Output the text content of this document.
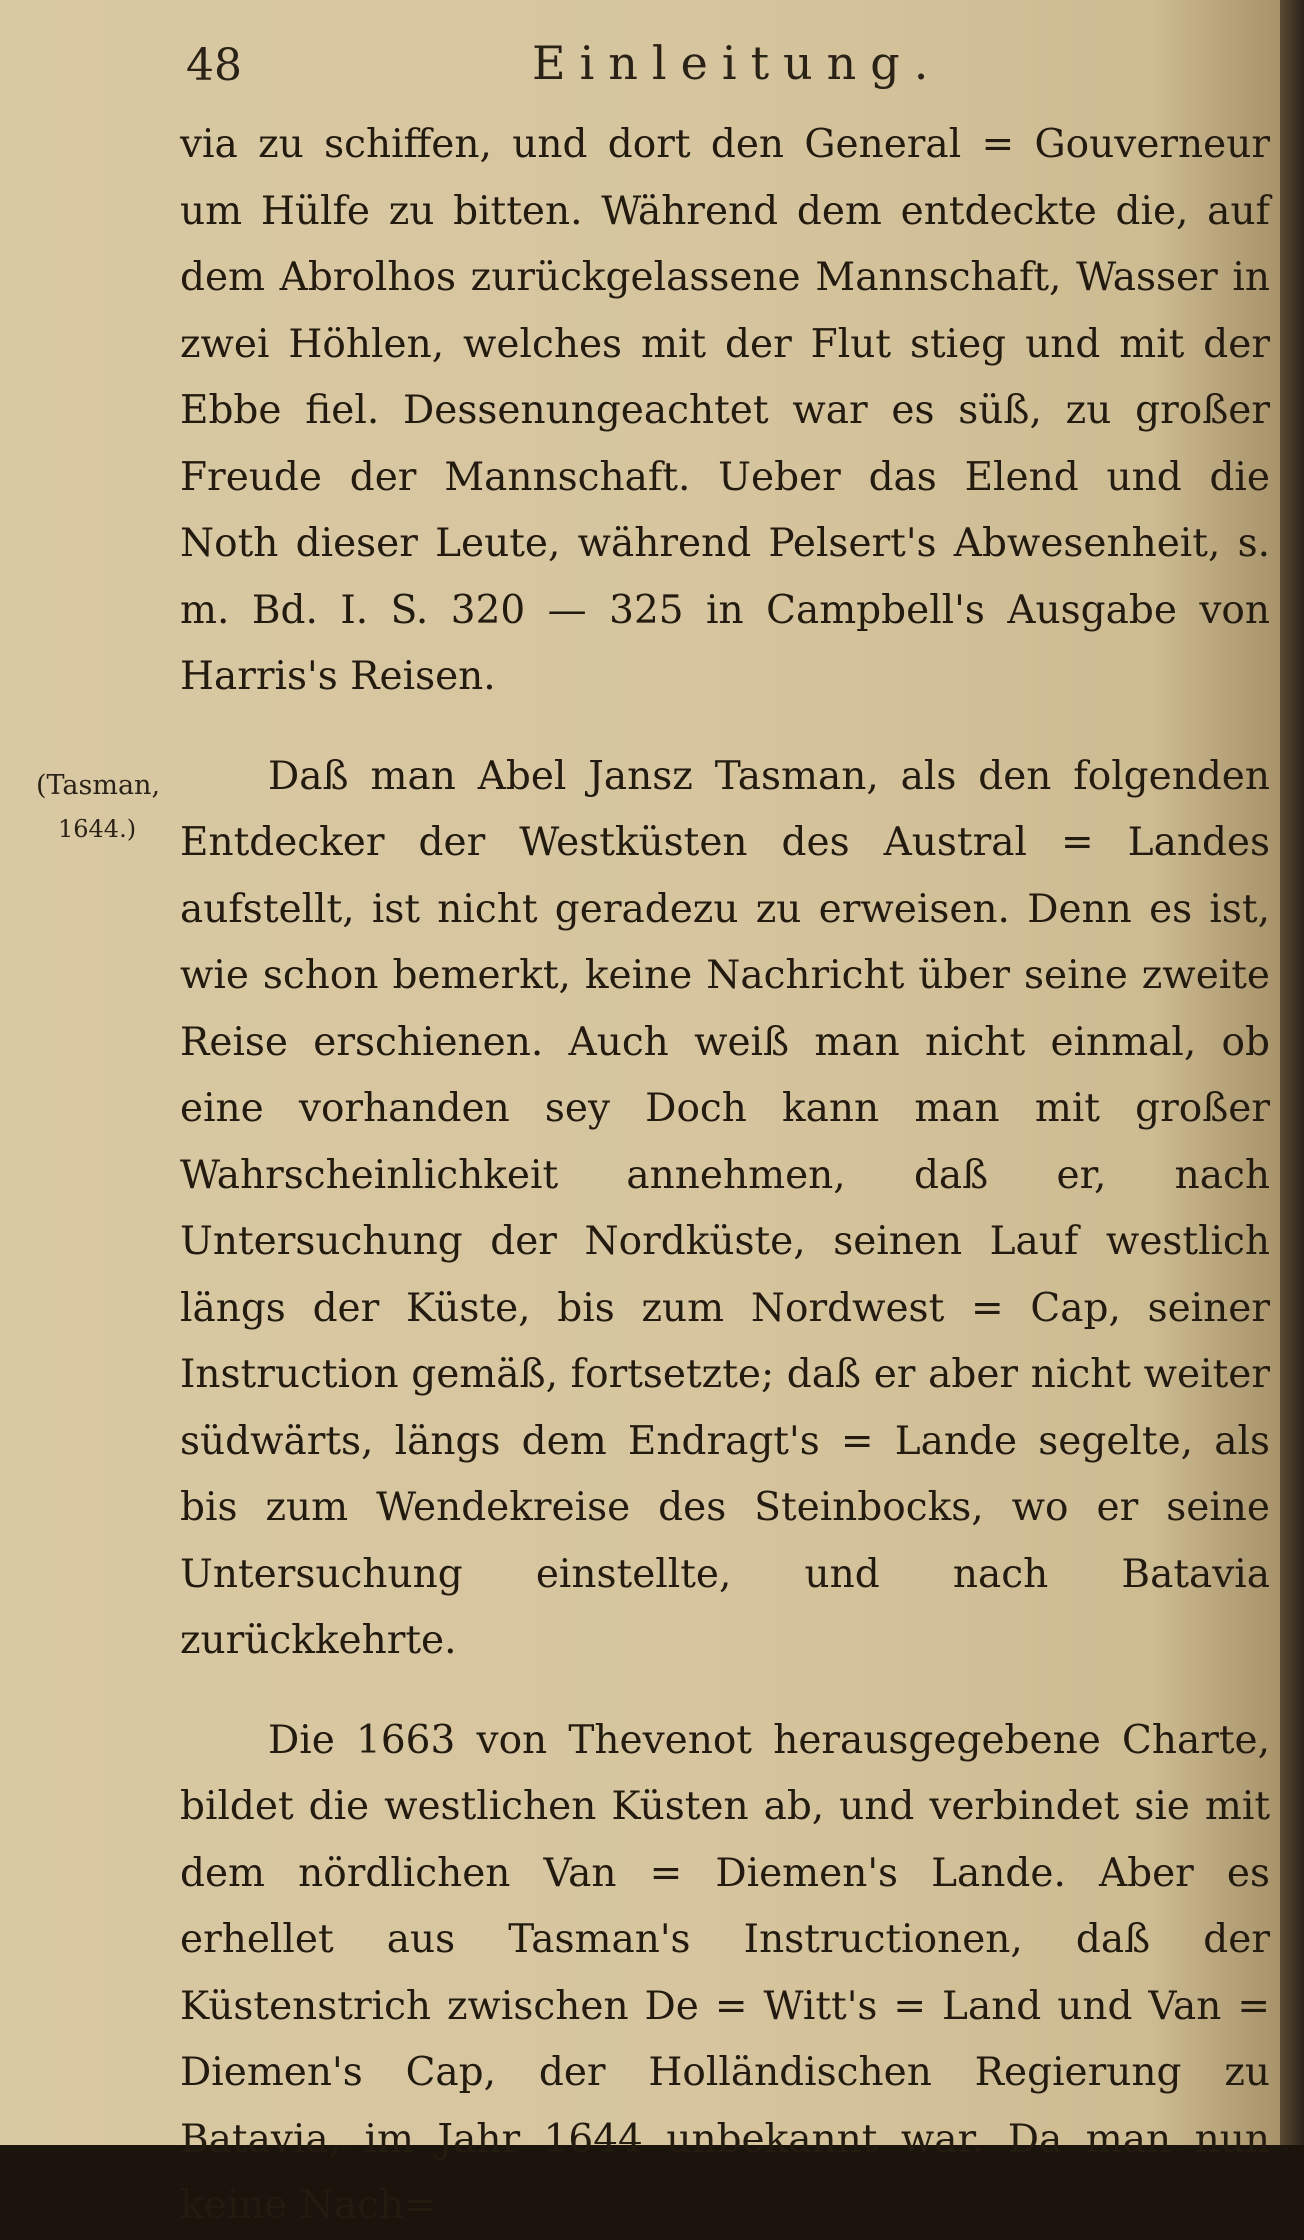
48	Einleitung.
(Tasman,
1644.)

via zu schiffen, und dort den General = Gouverneur um Hülfe zu bitten. Während dem entdeckte die, auf dem Abrolhos zurückgelassene Mannschaft, Wasser in zwei Höhlen, welches mit der Flut stieg und mit der Ebbe fiel. Dessenungeachtet war es süß, zu großer Freude der Mannschaft. Ueber das Elend und die Noth dieser Leute, während Pelsert's Abwesenheit, s. m. Bd. I. S. 320 — 325 in Campbell's Ausgabe von Harris's Reisen.

Daß man Abel Jansz Tasman, als den folgenden Entdecker der Westküsten des Austral = Landes aufstellt, ist nicht geradezu zu erweisen. Denn es ist, wie schon bemerkt, keine Nachricht über seine zweite Reise erschienen. Auch weiß man nicht einmal, ob eine vorhanden sey Doch kann man mit großer Wahrscheinlichkeit annehmen, daß er, nach Untersuchung der Nordküste, seinen Lauf westlich längs der Küste, bis zum Nordwest = Cap, seiner Instruction gemäß, fortsetzte; daß er aber nicht weiter südwärts, längs dem Endragt's = Lande segelte, als bis zum Wendekreise des Steinbocks, wo er seine Untersuchung einstellte, und nach Batavia zurückkehrte.

Die 1663 von Thevenot herausgegebene Charte, bildet die westlichen Küsten ab, und verbindet sie mit dem nördlichen Van = Diemen's Lande. Aber es erhellet aus Tasman's Instructionen, daß der Küstenstrich zwischen De = Witt's = Land und Van = Diemen's Cap, der Holländischen Regierung zu Batavia, im Jahr 1644 unbekannt war. Da man nun keine Nach=
